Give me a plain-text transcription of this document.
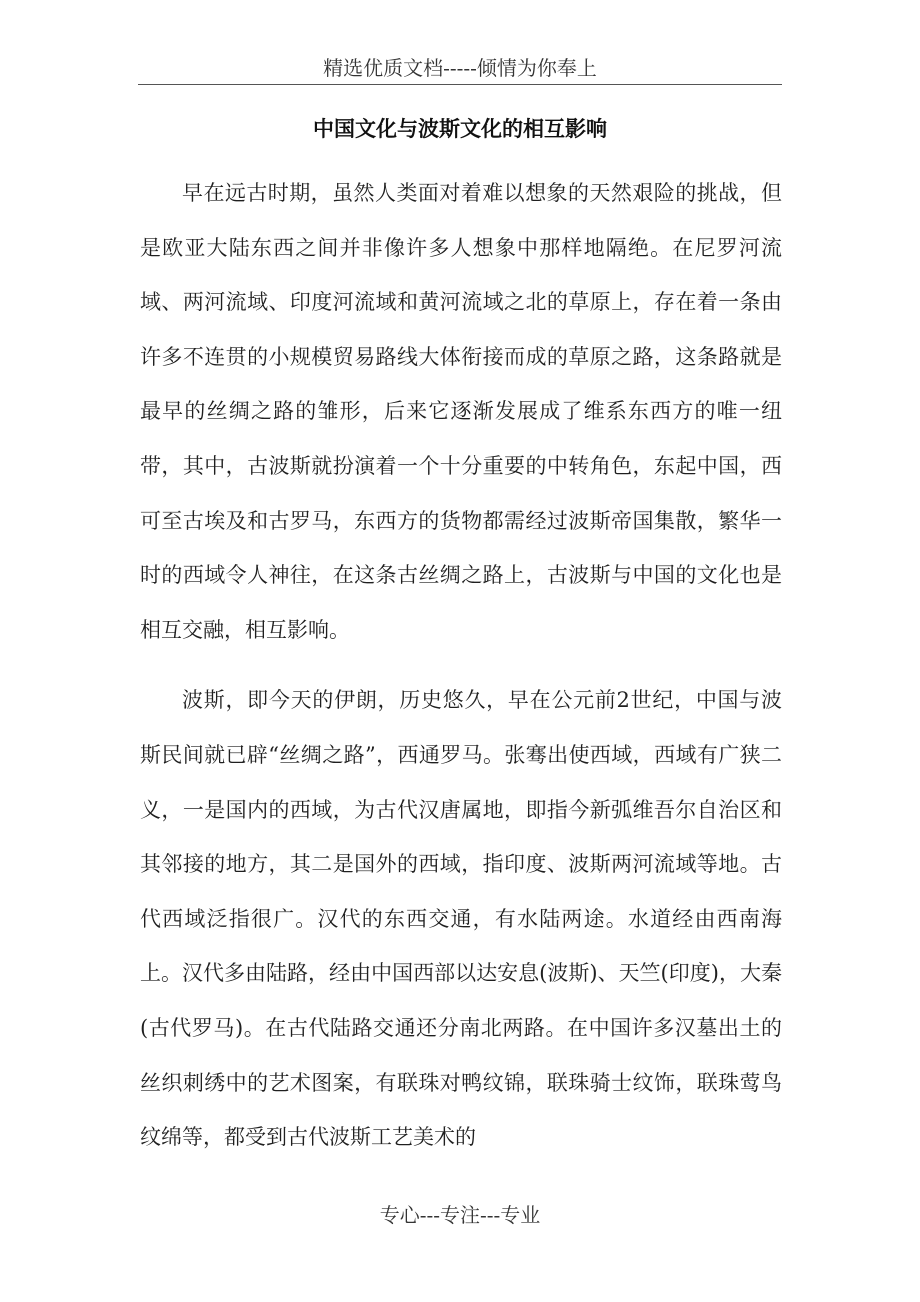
精选优质文档-----倾情为你奉上
中国文化与波斯文化的相互影响

早在远古时期，虽然人类面对着难以想象的天然艰险的挑战，但是欧亚大陆东西之间并非像许多人想象中那样地隔绝。在尼罗河流域、两河流域、印度河流域和黄河流域之北的草原上，存在着一条由许多不连贯的小规模贸易路线大体衔接而成的草原之路，这条路就是最早的丝绸之路的雏形，后来它逐渐发展成了维系东西方的唯一纽带，其中，古波斯就扮演着一个十分重要的中转角色，东起中国，西可至古埃及和古罗马，东西方的货物都需经过波斯帝国集散，繁华一时的西域令人神往，在这条古丝绸之路上，古波斯与中国的文化也是相互交融，相互影响。

波斯，即今天的伊朗，历史悠久，早在公元前2世纪，中国与波斯民间就已辟“丝绸之路”，西通罗马。张骞出使西域，西域有广狭二义，一是国内的西域，为古代汉唐属地，即指今新弧维吾尔自治区和其邻接的地方，其二是国外的西域，指印度、波斯两河流域等地。古代西域泛指很广。汉代的东西交通，有水陆两途。水道经由西南海上。汉代多由陆路，经由中国西部以达安息(波斯)、天竺(印度)，大秦(古代罗马)。在古代陆路交通还分南北两路。在中国许多汉墓出土的丝织刺绣中的艺术图案，有联珠对鸭纹锦，联珠骑士纹饰，联珠莺鸟纹绵等，都受到古代波斯工艺美术的

专心---专注---专业
